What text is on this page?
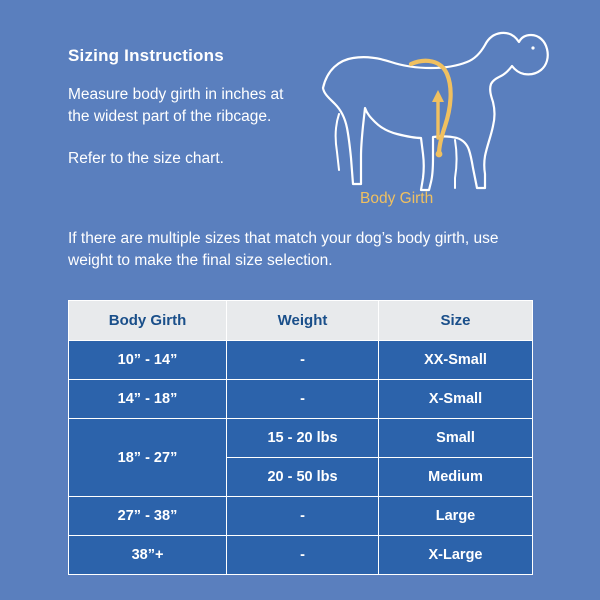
Sizing Instructions

Measure body girth in inches at the widest part of the ribcage.

Refer to the size chart.

If there are multiple sizes that match your dog’s body girth, use weight to make the final size selection.
Body Girth
Body Girth	Weight	Size
10” - 14”	-	XX-Small
14” - 18”	-	X-Small
18” - 27”	15 - 20 lbs	Small
	20 - 50 lbs	Medium
27” - 38”	-	Large
38”+	-	X-Large
